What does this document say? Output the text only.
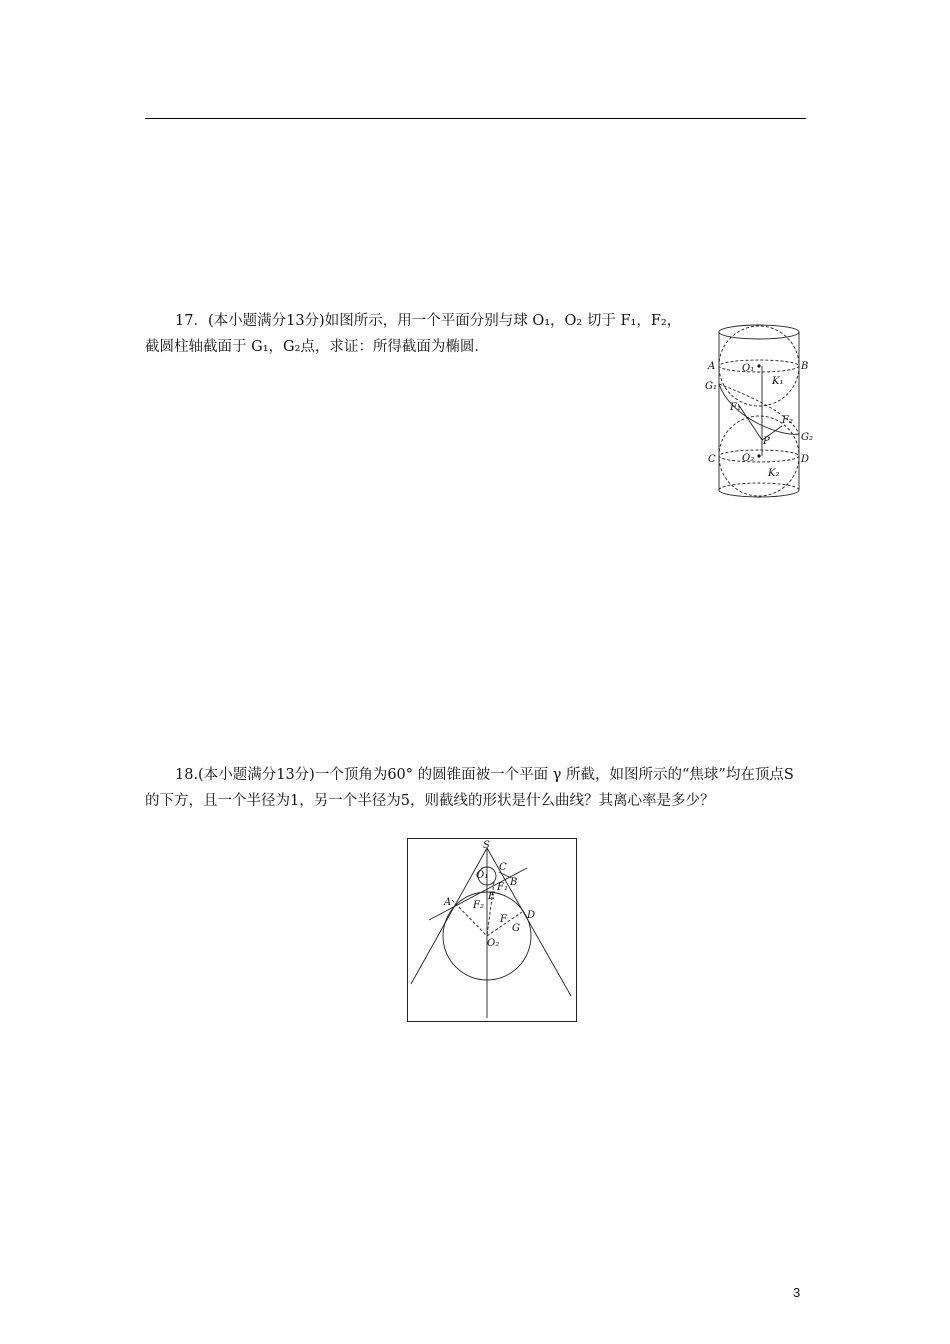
17．(本小题满分13分)如图所示，用一个平面分别与球 O₁，O₂ 切于 F₁，F₂，截圆柱轴截面于 G₁，G₂点，求证：所得截面为椭圆．

A	B
O₁
K₁
G₁
F₁
F₂
G₂
P
C	D
O₂
K₂

18.(本小题满分13分)一个顶角为60° 的圆锥面被一个平面 γ 所截，如图所示的“焦球”均在顶点S的下方，且一个半径为1，另一个半径为5，则截线的形状是什么曲线？其离心率是多少？

S
C
O₁
B
F₁
E
A F₂
F D
G
O₂
3
